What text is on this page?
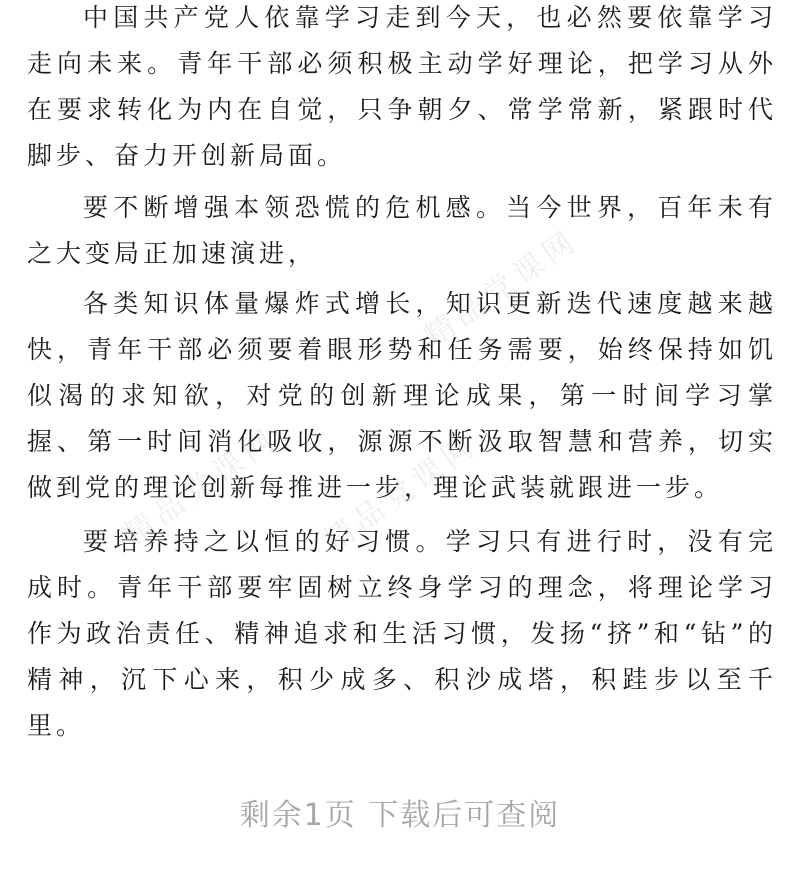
中国共产党人依靠学习走到今天，也必然要依靠学习走向未来。青年干部必须积极主动学好理论，把学习从外在要求转化为内在自觉，只争朝夕、常学常新，紧跟时代脚步、奋力开创新局面。

要不断增强本领恐慌的危机感。当今世界，百年未有之大变局正加速演进，

各类知识体量爆炸式增长，知识更新迭代速度越来越快，青年干部必须要着眼形势和任务需要，始终保持如饥似渴的求知欲，对党的创新理论成果，第一时间学习掌握、第一时间消化吸收，源源不断汲取智慧和营养，切实做到党的理论创新每推进一步，理论武装就跟进一步。

要培养持之以恒的好习惯。学习只有进行时，没有完成时。青年干部要牢固树立终身学习的理念，将理论学习作为政治责任、精神追求和生活习惯，发扬“挤”和“钻”的精神，沉下心来，积少成多、积沙成塔，积跬步以至千里。

精品党课网 精品党课网
精品党课网
剩余1页 下载后可查阅
